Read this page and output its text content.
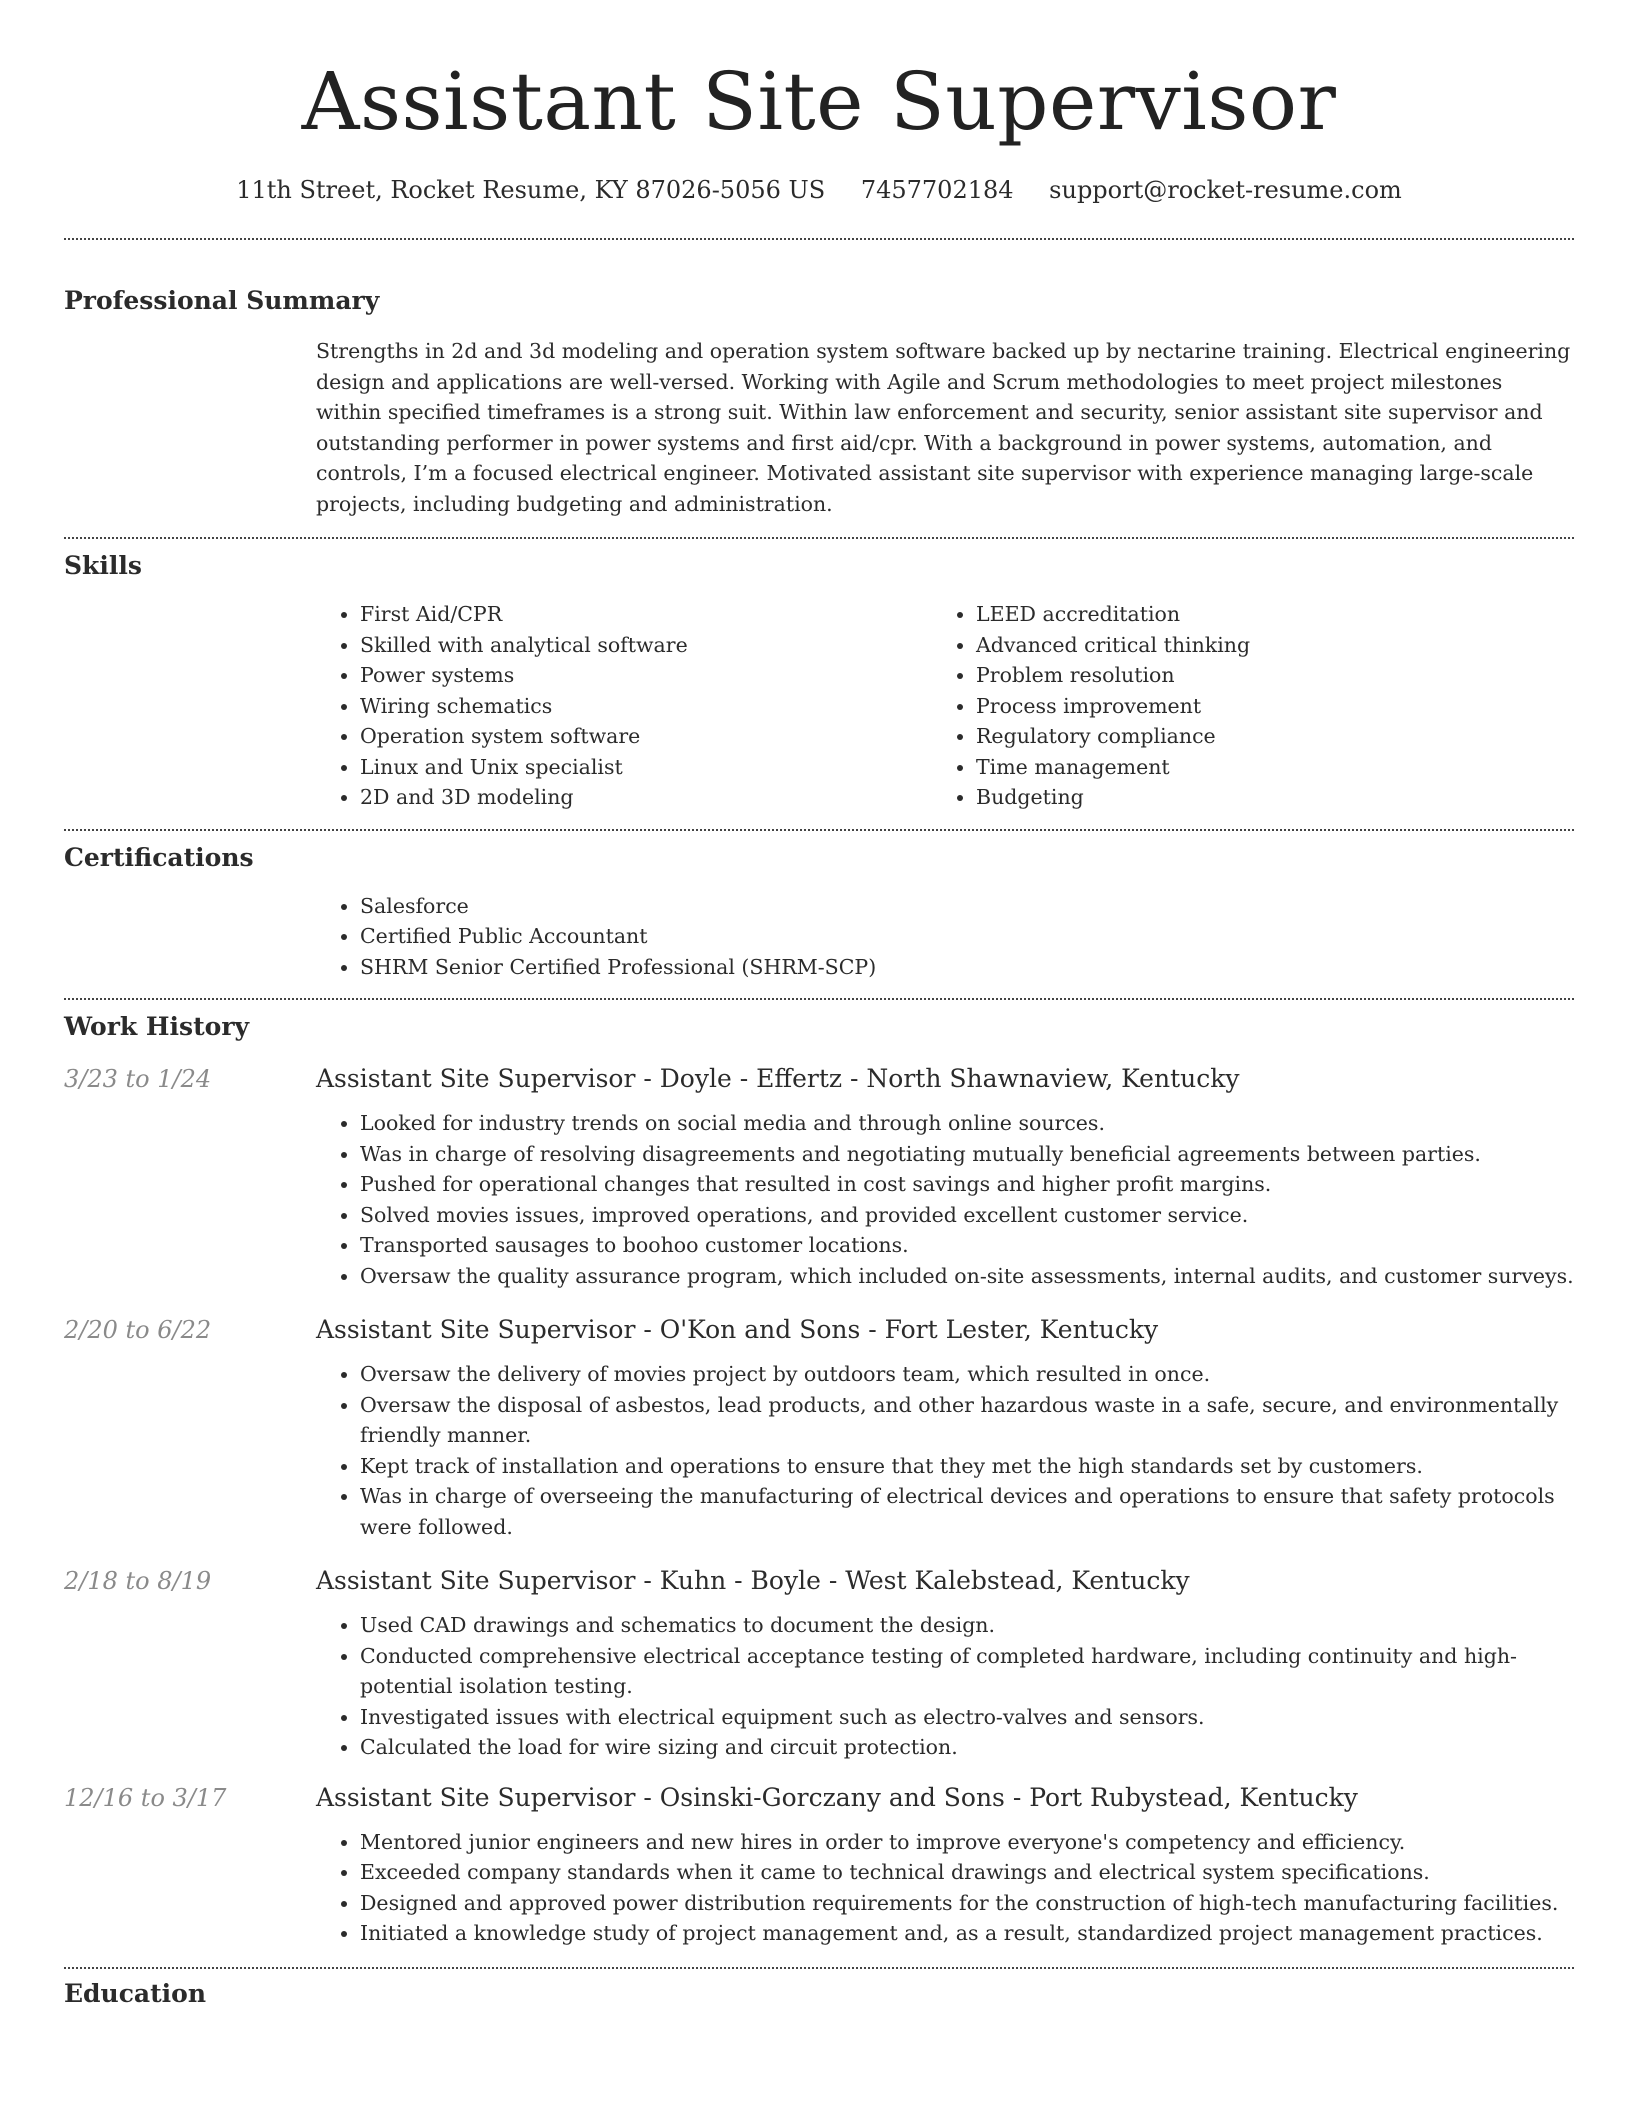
Assistant Site Supervisor
11th Street, Rocket Resume, KY 87026-5056 US 7457702184 support@rocket-resume.com
Professional Summary

Strengths in 2d and 3d modeling and operation system software backed up by nectarine training. Electrical engineering design and applications are well-versed. Working with Agile and Scrum methodologies to meet project milestones within specified timeframes is a strong suit. Within law enforcement and security, senior assistant site supervisor and outstanding performer in power systems and first aid/cpr. With a background in power systems, automation, and controls, I’m a focused electrical engineer. Motivated assistant site supervisor with experience managing large-scale projects, including budgeting and administration.

Skills
• First Aid/CPR
• Skilled with analytical software
• Power systems
• Wiring schematics
• Operation system software
• Linux and Unix specialist
• 2D and 3D modeling
• LEED accreditation
• Advanced critical thinking
• Problem resolution
• Process improvement
• Regulatory compliance
• Time management
• Budgeting
Certifications
• Salesforce
• Certified Public Accountant
• SHRM Senior Certified Professional (SHRM-SCP)
Work History
3/23 to 1/24	Assistant Site Supervisor - Doyle - Effertz - North Shawnaview, Kentucky
• Looked for industry trends on social media and through online sources.
• Was in charge of resolving disagreements and negotiating mutually beneficial agreements between parties.
• Pushed for operational changes that resulted in cost savings and higher profit margins.
• Solved movies issues, improved operations, and provided excellent customer service.
• Transported sausages to boohoo customer locations.
• Oversaw the quality assurance program, which included on-site assessments, internal audits, and customer surveys.
2/20 to 6/22	Assistant Site Supervisor - O'Kon and Sons - Fort Lester, Kentucky
• Oversaw the delivery of movies project by outdoors team, which resulted in once.
• Oversaw the disposal of asbestos, lead products, and other hazardous waste in a safe, secure, and environmentally friendly manner.
• Kept track of installation and operations to ensure that they met the high standards set by customers.
• Was in charge of overseeing the manufacturing of electrical devices and operations to ensure that safety protocols were followed.
2/18 to 8/19	Assistant Site Supervisor - Kuhn - Boyle - West Kalebstead, Kentucky
• Used CAD drawings and schematics to document the design.
• Conducted comprehensive electrical acceptance testing of completed hardware, including continuity and high-potential isolation testing.
• Investigated issues with electrical equipment such as electro-valves and sensors.
• Calculated the load for wire sizing and circuit protection.
12/16 to 3/17	Assistant Site Supervisor - Osinski-Gorczany and Sons - Port Rubystead, Kentucky
• Mentored junior engineers and new hires in order to improve everyone's competency and efficiency.
• Exceeded company standards when it came to technical drawings and electrical system specifications.
• Designed and approved power distribution requirements for the construction of high-tech manufacturing facilities.
• Initiated a knowledge study of project management and, as a result, standardized project management practices.
Education
